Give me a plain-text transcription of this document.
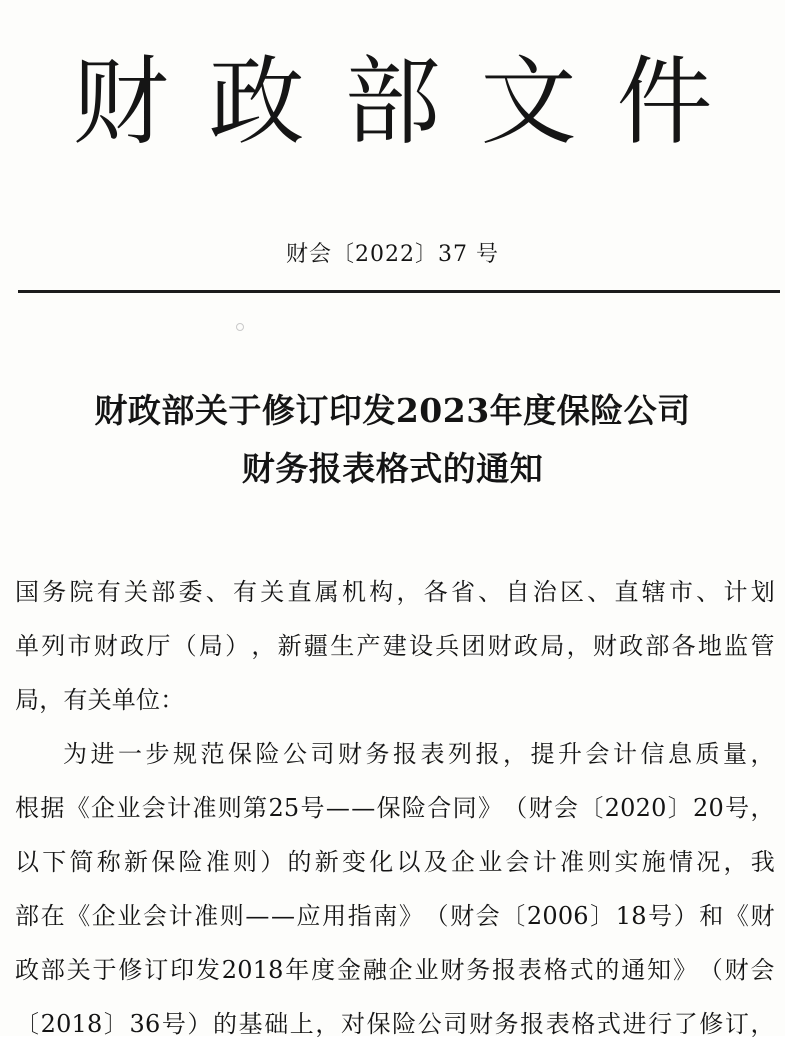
财 政 部 文 件
财会〔2022〕37 号
财政部关于修订印发2023年度保险公司
财务报表格式的通知
国 务 院 有 关 部 委 、 有 关 直 属 机 构 ， 各 省 、 自 治 区 、 直 辖 市 、 计 划
单 列 市 财 政 厅 （ 局 ） ， 新 疆 生 产 建 设 兵 团 财 政 局 ， 财 政 部 各 地 监 管
局，有关单位：
为 进 一 步 规 范 保 险 公 司 财 务 报 表 列 报 ， 提 升 会 计 信 息 质 量 ，
根 据 《 企 业 会 计 准 则 第 25 号 — — 保 险 合 同 》 （ 财 会 〔 2020 〕 20 号 ，
以 下 简 称 新 保 险 准 则 ） 的 新 变 化 以 及 企 业 会 计 准 则 实 施 情 况 ， 我
部 在 《 企 业 会 计 准 则 — — 应 用 指 南 》 （ 财 会 〔 2006 〕 18 号 ） 和 《 财
政 部 关 于 修 订 印 发 2018 年 度 金 融 企 业 财 务 报 表 格 式 的 通 知 》 （ 财 会
〔 2018 〕 36 号 ） 的 基 础 上 ， 对 保 险 公 司 财 务 报 表 格 式 进 行 了 修 订 ，
